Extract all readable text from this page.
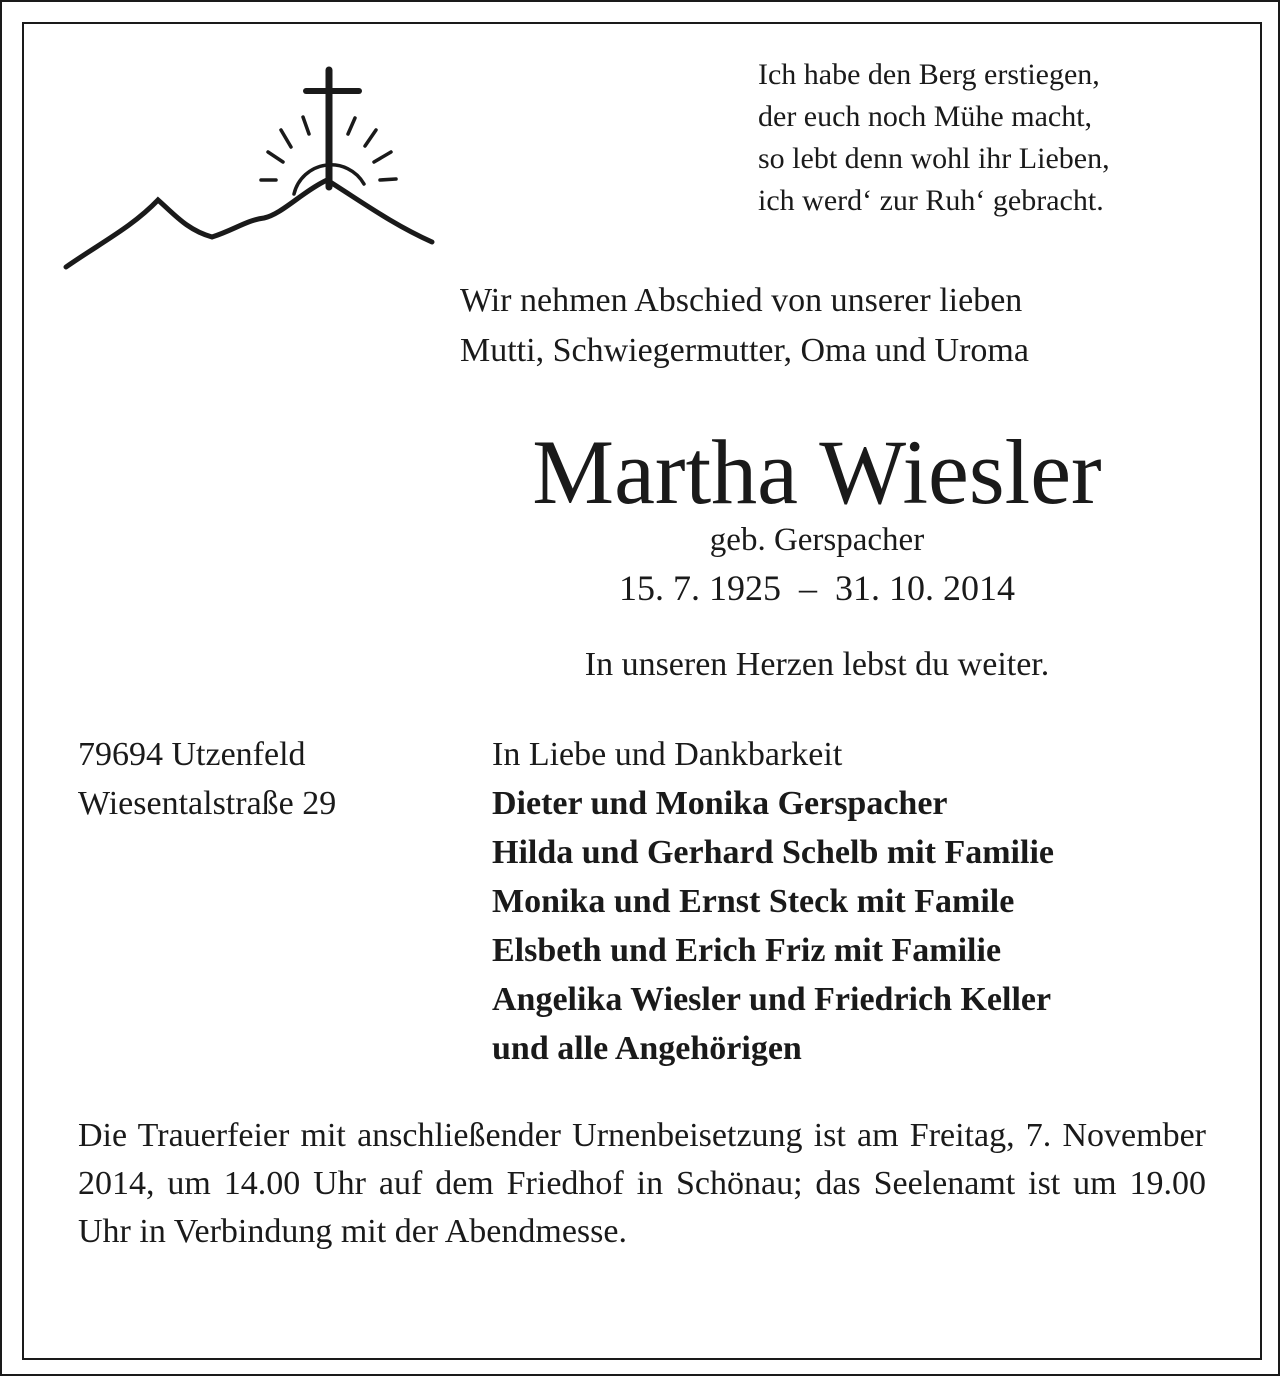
Ich habe den Berg erstiegen,
der euch noch Mühe macht,
so lebt denn wohl ihr Lieben,
ich werd‘ zur Ruh‘ gebracht.
Wir nehmen Abschied von unserer lieben
Mutti, Schwiegermutter, Oma und Uroma
Martha Wiesler
geb. Gerspacher
15. 7. 1925 – 31. 10. 2014
In unseren Herzen lebst du weiter.
79694 Utzenfeld
Wiesentalstraße 29
In Liebe und Dankbarkeit
Dieter und Monika Gerspacher
Hilda und Gerhard Schelb mit Familie
Monika und Ernst Steck mit Famile
Elsbeth und Erich Friz mit Familie
Angelika Wiesler und Friedrich Keller
und alle Angehörigen
Die Trauerfeier mit anschließender Urnenbeisetzung ist am Freitag, 7. November 2014, um 14.00 Uhr auf dem Friedhof in Schönau; das Seelenamt ist um 19.00 Uhr in Verbindung mit der Abendmesse.
